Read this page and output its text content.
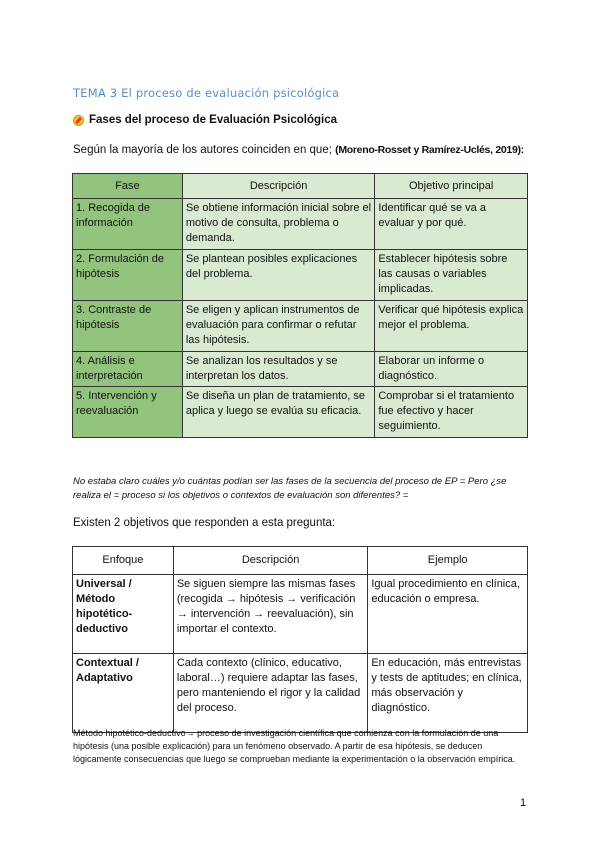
TEMA 3 El proceso de evaluación psicológica
Fases del proceso de Evaluación Psicológica
Según la mayoría de los autores coinciden en que; (Moreno-Rosset y Ramírez-Uclés, 2019):
Fase	Descripción	Objetivo principal
1. Recogida de información	Se obtiene información inicial sobre el motivo de consulta, problema o demanda.	Identificar qué se va a evaluar y por qué.
2. Formulación de hipótesis	Se plantean posibles explicaciones del problema.	Establecer hipótesis sobre las causas o variables implicadas.
3. Contraste de hipótesis	Se eligen y aplican instrumentos de evaluación para confirmar o refutar las hipótesis.	Verificar qué hipótesis explica mejor el problema.
4. Análisis e interpretación	Se analizan los resultados y se interpretan los datos.	Elaborar un informe o diagnóstico.
5. Intervención y reevaluación	Se diseña un plan de tratamiento, se aplica y luego se evalúa su eficacia.	Comprobar si el tratamiento fue efectivo y hacer seguimiento.
No estaba claro cuáles y/o cuántas podían ser las fases de la secuencia del proceso de EP = Pero ¿se realiza el = proceso si los objetivos o contextos de evaluación son diferentes? =
Existen 2 objetivos que responden a esta pregunta:
Enfoque	Descripción	Ejemplo
Universal / Método hipotético-deductivo	Se siguen siempre las mismas fases (recogida → hipótesis → verificación → intervención → reevaluación), sin importar el contexto.	Igual procedimiento en clínica, educación o empresa.
Contextual / Adaptativo	Cada contexto (clínico, educativo, laboral…) requiere adaptar las fases, pero manteniendo el rigor y la calidad del proceso.	En educación, más entrevistas y tests de aptitudes; en clínica, más observación y diagnóstico.
Método hipotético-deductivo→ proceso de investigación científica que comienza con la formulación de una hipótesis (una posible explicación) para un fenómeno observado. A partir de esa hipótesis, se deducen lógicamente consecuencias que luego se comprueban mediante la experimentación o la observación empírica.
1
